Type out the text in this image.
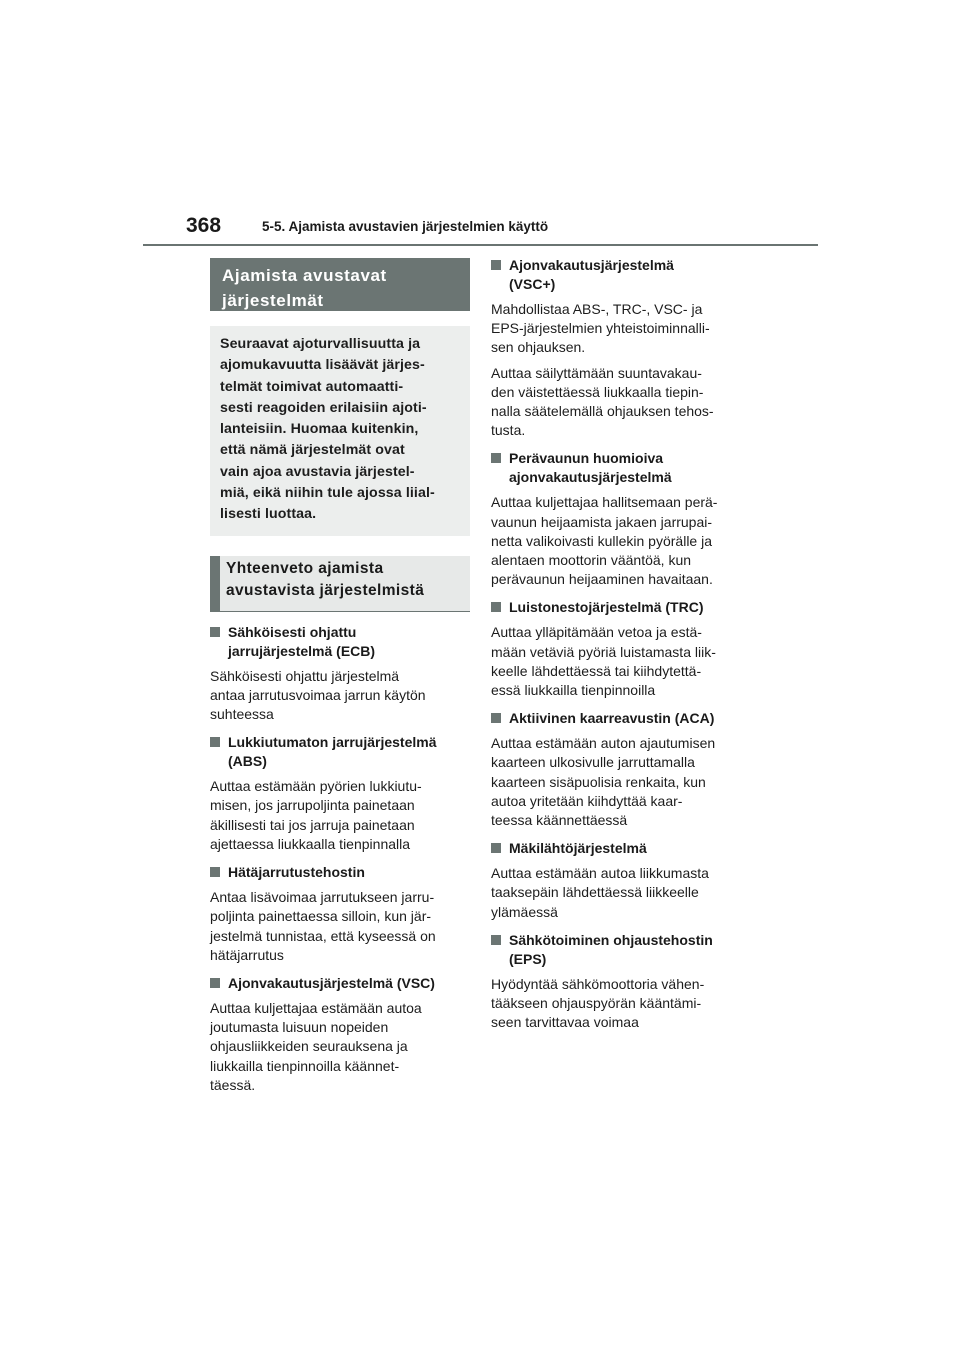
368	5-5. Ajamista avustavien järjestelmien käyttö
Ajamista avustavat
järjestelmät
Seuraavat ajoturvallisuutta ja
ajomukavuutta lisäävät järjes-
telmät toimivat automaatti-
sesti reagoiden erilaisiin ajoti-
lanteisiin. Huomaa kuitenkin,
että nämä järjestelmät ovat
vain ajoa avustavia järjestel-
miä, eikä niihin tule ajossa liial-
lisesti luottaa.
Yhteenveto ajamista
avustavista järjestelmistä
Sähköisesti ohjattu
jarrujärjestelmä (ECB)
Sähköisesti ohjattu järjestelmä
antaa jarrutusvoimaa jarrun käytön
suhteessa
Lukkiutumaton jarrujärjestelmä
(ABS)
Auttaa estämään pyörien lukkiutu-
misen, jos jarrupoljinta painetaan
äkillisesti tai jos jarruja painetaan
ajettaessa liukkaalla tienpinnalla
Hätäjarrutustehostin
Antaa lisävoimaa jarrutukseen jarru-
poljinta painettaessa silloin, kun jär-
jestelmä tunnistaa, että kyseessä on
hätäjarrutus
Ajonvakautusjärjestelmä (VSC)
Auttaa kuljettajaa estämään autoa
joutumasta luisuun nopeiden
ohjausliikkeiden seurauksena ja
liukkailla tienpinnoilla käännet-
täessä.
Ajonvakautusjärjestelmä
(VSC+)
Mahdollistaa ABS-, TRC-, VSC- ja
EPS-järjestelmien yhteistoiminnalli-
sen ohjauksen.
Auttaa säilyttämään suuntavakau-
den väistettäessä liukkaalla tiepin-
nalla säätelemällä ohjauksen tehos-
tusta.
Perävaunun huomioiva
ajonvakautusjärjestelmä
Auttaa kuljettajaa hallitsemaan perä-
vaunun heijaamista jakaen jarrupai-
netta valikoivasti kullekin pyörälle ja
alentaen moottorin vääntöä, kun
perävaunun heijaaminen havaitaan.
Luistonestojärjestelmä (TRC)
Auttaa ylläpitämään vetoa ja estä-
mään vetäviä pyöriä luistamasta liik-
keelle lähdettäessä tai kiihdytettä-
essä liukkailla tienpinnoilla
Aktiivinen kaarreavustin (ACA)
Auttaa estämään auton ajautumisen
kaarteen ulkosivulle jarruttamalla
kaarteen sisäpuolisia renkaita, kun
autoa yritetään kiihdyttää kaar-
teessa käännettäessä
Mäkilähtöjärjestelmä
Auttaa estämään autoa liikkumasta
taaksepäin lähdettäessä liikkeelle
ylämäessä
Sähkötoiminen ohjaustehostin
(EPS)
Hyödyntää sähkömoottoria vähen-
tääkseen ohjauspyörän kääntämi-
seen tarvittavaa voimaa
